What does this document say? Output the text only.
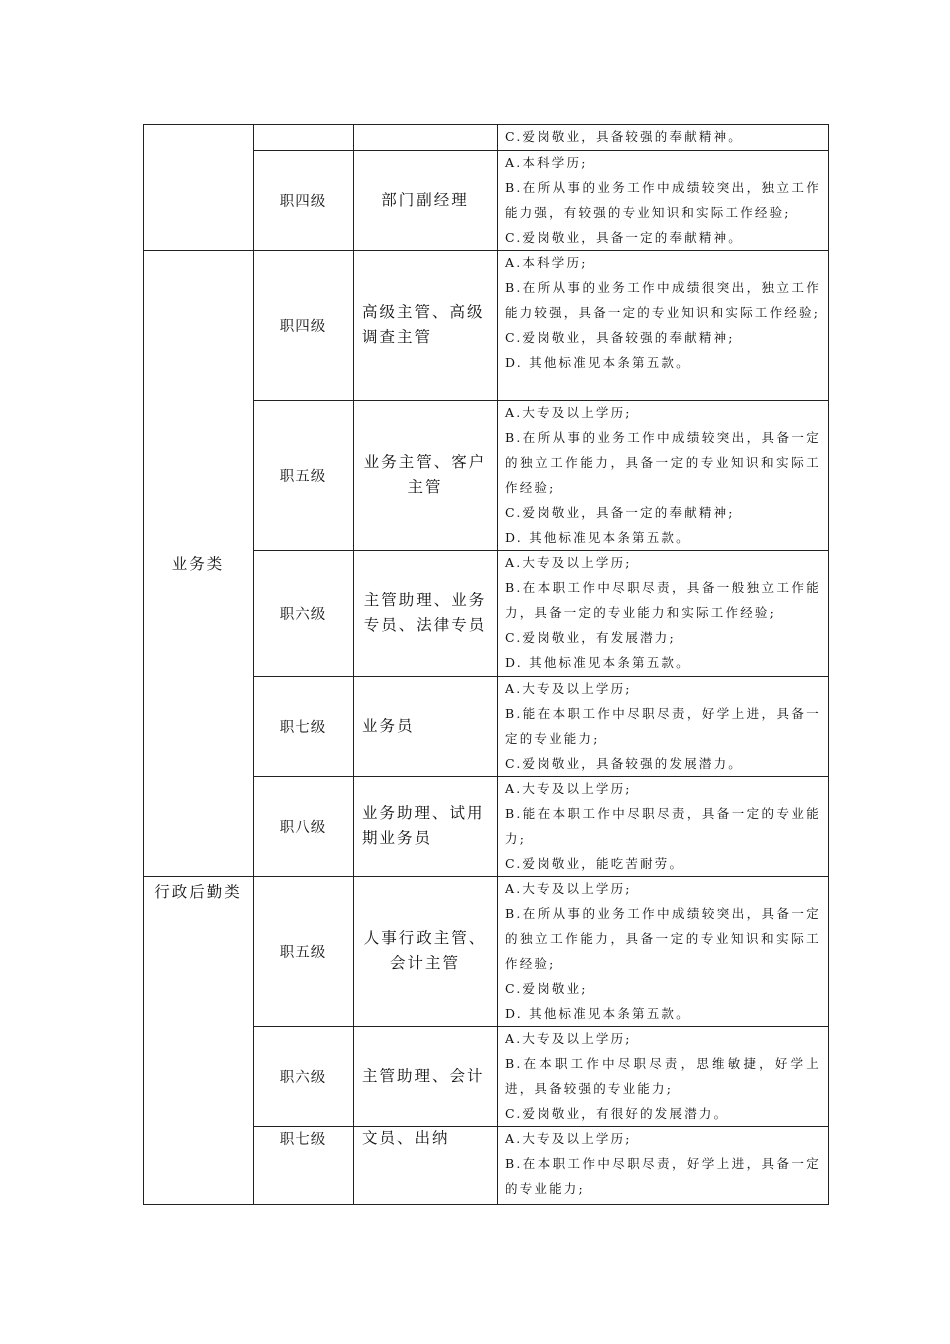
业务类
行政后勤类
C.爱岗敬业，具备较强的奉献精神。
职四级	部门副经理
A.本科学历;
B.在所从事的业务工作中成绩较突出，独立工作能力强，有较强的专业知识和实际工作经验;
C.爱岗敬业，具备一定的奉献精神。
职四级
高级主管、高级调查主管
A.本科学历;
B.在所从事的业务工作中成绩很突出，独立工作能力较强，具备一定的专业知识和实际工作经验;
C.爱岗敬业，具备较强的奉献精神;
D. 其他标准见本条第五款。
职五级
业务主管、客户主管
A.大专及以上学历;
B.在所从事的业务工作中成绩较突出，具备一定的独立工作能力，具备一定的专业知识和实际工作经验;
C.爱岗敬业，具备一定的奉献精神;
D. 其他标准见本条第五款。
职六级
主管助理、业务专员、法律专员
A.大专及以上学历;
B.在本职工作中尽职尽责，具备一般独立工作能力，具备一定的专业能力和实际工作经验;
C.爱岗敬业，有发展潜力;
D. 其他标准见本条第五款。
职七级 业务员
A.大专及以上学历;
B.能在本职工作中尽职尽责，好学上进，具备一定的专业能力;
C.爱岗敬业，具备较强的发展潜力。
职八级
业务助理、试用期业务员
A.大专及以上学历;
B.能在本职工作中尽职尽责，具备一定的专业能力;
C.爱岗敬业，能吃苦耐劳。
职五级
人事行政主管、会计主管
A.大专及以上学历;
B.在所从事的业务工作中成绩较突出，具备一定的独立工作能力，具备一定的专业知识和实际工作经验;
C.爱岗敬业;
D. 其他标准见本条第五款。
职六级 主管助理、会计
A.大专及以上学历;
B.在本职工作中尽职尽责，思维敏捷，好学上进，具备较强的专业能力;
C.爱岗敬业，有很好的发展潜力。
职七级 文员、出纳	A.大专及以上学历;
B.在本职工作中尽职尽责，好学上进，具备一定的专业能力;
